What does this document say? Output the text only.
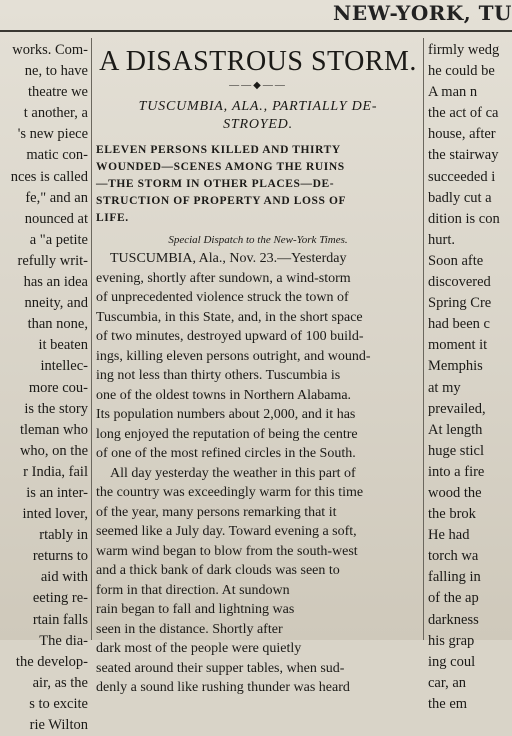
NEW-YORK, TU

works. Com-

ne, to have

theatre we

t another, a

's new piece

matic con-

nces is called

fe," and an

nounced at

a "a petite

refully writ-

has an idea

nneity, and

than none,

it beaten

intellec-

more cou-

is the story

tleman who

who, on the

r India, fail

is an inter-

inted lover,

rtably in

returns to

aid with

eeting re-

rtain falls

The dia-

the develop-

air, as the

s to excite

rie Wilton

A DISASTROUS STORM.
——◆——

TUSCUMBIA, ALA., PARTIALLY DE-

STROYED.

ELEVEN PERSONS KILLED AND THIRTY

WOUNDED—SCENES AMONG THE RUINS

—THE STORM IN OTHER PLACES—DE-

STRUCTION OF PROPERTY AND LOSS OF

LIFE.

Special Dispatch to the New-York Times.

TUSCUMBIA, Ala., Nov. 23.—Yesterday

evening, shortly after sundown, a wind-storm

of unprecedented violence struck the town of

Tuscumbia, in this State, and, in the short space

of two minutes, destroyed upward of 100 build-

ings, killing eleven persons outright, and wound-

ing not less than thirty others. Tuscumbia is

one of the oldest towns in Northern Alabama.

Its population numbers about 2,000, and it has

long enjoyed the reputation of being the centre

of one of the most refined circles in the South.

All day yesterday the weather in this part of

the country was exceedingly warm for this time

of the year, many persons remarking that it

seemed like a July day. Toward evening a soft,

warm wind began to blow from the south-west

and a thick bank of dark clouds was seen to

form in that direction. At sundown

rain began to fall and lightning was

seen in the distance. Shortly after

dark most of the people were quietly

seated around their supper tables, when sud-

denly a sound like rushing thunder was heard

firmly wedg

he could be

A man n

the act of ca

house, after

the stairway

succeeded i

badly cut a

dition is con

hurt.

Soon afte

discovered

Spring Cre

had been c

moment it

Memphis

at my

prevailed,

At length

huge sticl

into a fire

wood the

the brok

He had

torch wa

falling in

of the ap

darkness

his grap

ing coul

car, an

the em
